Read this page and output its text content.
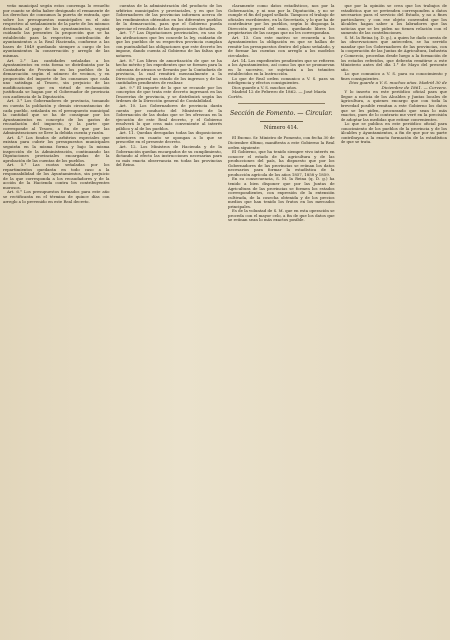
veño municipal según estos convenga lo resuelto por cuanto se deba haber designado el remanente de los derechos de consumos la puerta de entrada, que sobre los presupuestos municipales en el año respectivo al señalamiento de la parte de los mismos destinada al pago de los ayuntamientos, seguirá cuidando las presentes la proporción que se ha establecido para la respectiva contribución de ayuntamientos a la Real Hacienda, conforme a las bases de 1849 quedando siempre a cargo de los ayuntamientos la conservación y arreglo de las mismas.

Art. 2.° Las cantidades señaladas a los Ayuntamientos en esta forma se distribuirán por la Contaduría de Provincia en los pueblos de la demarcación según el número de vecinos, y en proporción del importe de los consumos que cada uno satisfaga al Tesoro, sin perjuicio de las modificaciones que en virtud de reclamación justificada se hagan por el Gobernador de provincia con audiencia de la Diputación.

Art. 3.° Los Gobernadores de provincia, tomando en cuenta la población y demás circunstancias de cada pueblo, señalarán en el presupuesto municipal la cantidad que se ha de consignar por los Ayuntamientos en concepto de los gastos de recaudación del impuesto, y la parte que corresponde al Tesoro, a fin de que por las Administraciones se lleve la debida cuenta y razón.

Art. 4.° Los fondos de arbitrios especiales que existan para cubrir los presupuestos municipales seguirán en la misma forma y bajo la misma inspección de la Administración, continuando las Diputaciones provinciales encargadas de la aprobación de las cuentas de los pueblos.

Art. 5.° Las cuotas señaladas por los repartimientos quedarán en todo caso a la responsabilidad de los Ayuntamientos, sin perjuicio de la que corresponda a los recaudadores y de la acción de la Hacienda contra los contribuyentes morosos.

Art. 6.° Los presupuestos formados para este año se rectificarán en el término de quince días con arreglo a lo prevenido en este Real decreto.

cuentas de la administración del producto de los arbitrios municipales y provinciales, y en que los Gobernadores de las provincias informen acerca de los rendimientos obtenidos en los diferentes pueblos de la demarcación, para que el Gobierno pueda apreciar el resultado de las disposiciones dictadas.

Art. 7.° Las Diputaciones provinciales, en uso de las atribuciones que les concede la ley, cuidarán de que los pueblos de su respectiva provincia cumplan con puntualidad las obligaciones que este decreto les impone, dando cuenta al Gobierno de las faltas que notaren.

Art. 8.° Los libros de amortización de que se ha hecho mérito y los expedientes que se formen para la cobranza de atrasos se llevarán por la Contaduría de provincia, la cual remitirá mensualmente a la Dirección general un estado de los ingresos y de las cantidades pendientes de realizar.

Art. 9.° El importe de lo que se recaude por los conceptos de que trata este decreto ingresará en las Tesorerías de provincia, y se distribuirá según las órdenes de la Dirección general de Contabilidad.

Art. 10. Los Gobernadores de provincia darán cuenta por conducto del Ministerio de la Gobernación de las dudas que se les ofrezcan en la ejecución de este Real decreto, y el Gobierno resolverá lo que crea más conveniente al interés público y al de los pueblos.

Art. 11. Quedan derogadas todas las disposiciones anteriores en cuanto se opongan a lo que se prescribe en el presente decreto.

Art. 12. Los Ministros de Hacienda y de la Gobernación quedan encargados de su cumplimiento, dictando al efecto las instrucciones necesarias para su más exacta observancia en todas las provincias del Reino.

claramente como datos estadísticos, nos por la Gobernación, y ni uno por la Diputación, y no se cumple el fin del papel sellado. Tampoco el trabajo de oficiales escribientes, en la Secretaría, y lo que ha de contribuirse por los pueblos, según lo disponga la Dirección general del ramo, quedando libres los propietarios de las cargas que no les correspondan.

Art. 13. Con este motivo se recuerda a los Ayuntamientos la obligación en que se hallan de remitir los presupuestos dentro del plazo señalado, y de formar las cuentas con arreglo a los modelos circulados.

Art. 14. Los expedientes pendientes que se refieren a los Ayuntamientos, así como los que se promuevan en lo sucesivo, se sujetarán a los trámites establecidos en la Instrucción.

Lo que de Real orden comunico a V. S. para su inteligencia y efectos consiguientes.

Dios guarde a V. S. muchos años.

Madrid 12 de Febrero de 1862. — José María Cortés.

Sección de Fomento. — Circular.
Número 414.

El Excmo. Sr. Ministro de Fomento, con fecha 30 de Diciembre último, manifiesta a este Gobierno la Real orden siguiente:

El Gobierno, que ha tenido siempre vivo interés en conocer el estado de la agricultura y de las producciones del país, ha dispuesto que por los Gobernadores de las provincias se reúnan los datos necesarios para formar la estadística de la producción agrícola de los años 1857, 1858 y 1859.

En su consecuencia, S. M. la Reina (q. D. g.) ha tenido a bien disponer que por las Juntas de Agricultura de las provincias se formen los estados correspondientes, con expresión de la extensión cultivada, de la cosecha obtenida y de los precios medios que han tenido los frutos en los mercados principales.

Es de la voluntad de S. M. que en esta operación se proceda con el mayor celo, a fin de que los datos que se reúnan sean lo más exactos posible.

que por la opinión se crea que los trabajos de estadística que se pretenden corresponden a datos necesarios para el servicio del Estado, y no a fines particulares; y con ese objeto convendrá que los Alcaldes hagan saber a los labradores que las noticias que se les piden no tienen relación con el aumento de las contribuciones.

S. M. la Reina (q. D. g.), a quien he dado cuenta de las observaciones que anteceden, se ha servido mandar que los Gobernadores de las provincias, con la cooperación de las Juntas de Agricultura, Industria y Comercio, procedan desde luego a la formación de los estados referidos, que deberán remitirse a este Ministerio antes del día 1.° de Mayo del presente año.

Lo que comunico a V. S. para su conocimiento y fines consiguientes.

Dios guarde a V. S. muchos años. Madrid 30 de Diciembre de 1861. — Corvera.

Y lo inserto en este periódico oficial para que llegue a noticia de los Alcaldes y Juntas locales de Agricultura, a quienes encargo que con toda la brevedad posible remitan a este Gobierno los datos que se les piden, procurando que sean lo más exactos, pues de lo contrario me veré en la precisión de adoptar las medidas que estime convenientes.

Lo que se publica en este periódico oficial para conocimiento de los pueblos de la provincia y de los Alcaldes y Ayuntamientos, a fin de que por su parte contribuyan a la exacta formación de la estadística de que se trata.
